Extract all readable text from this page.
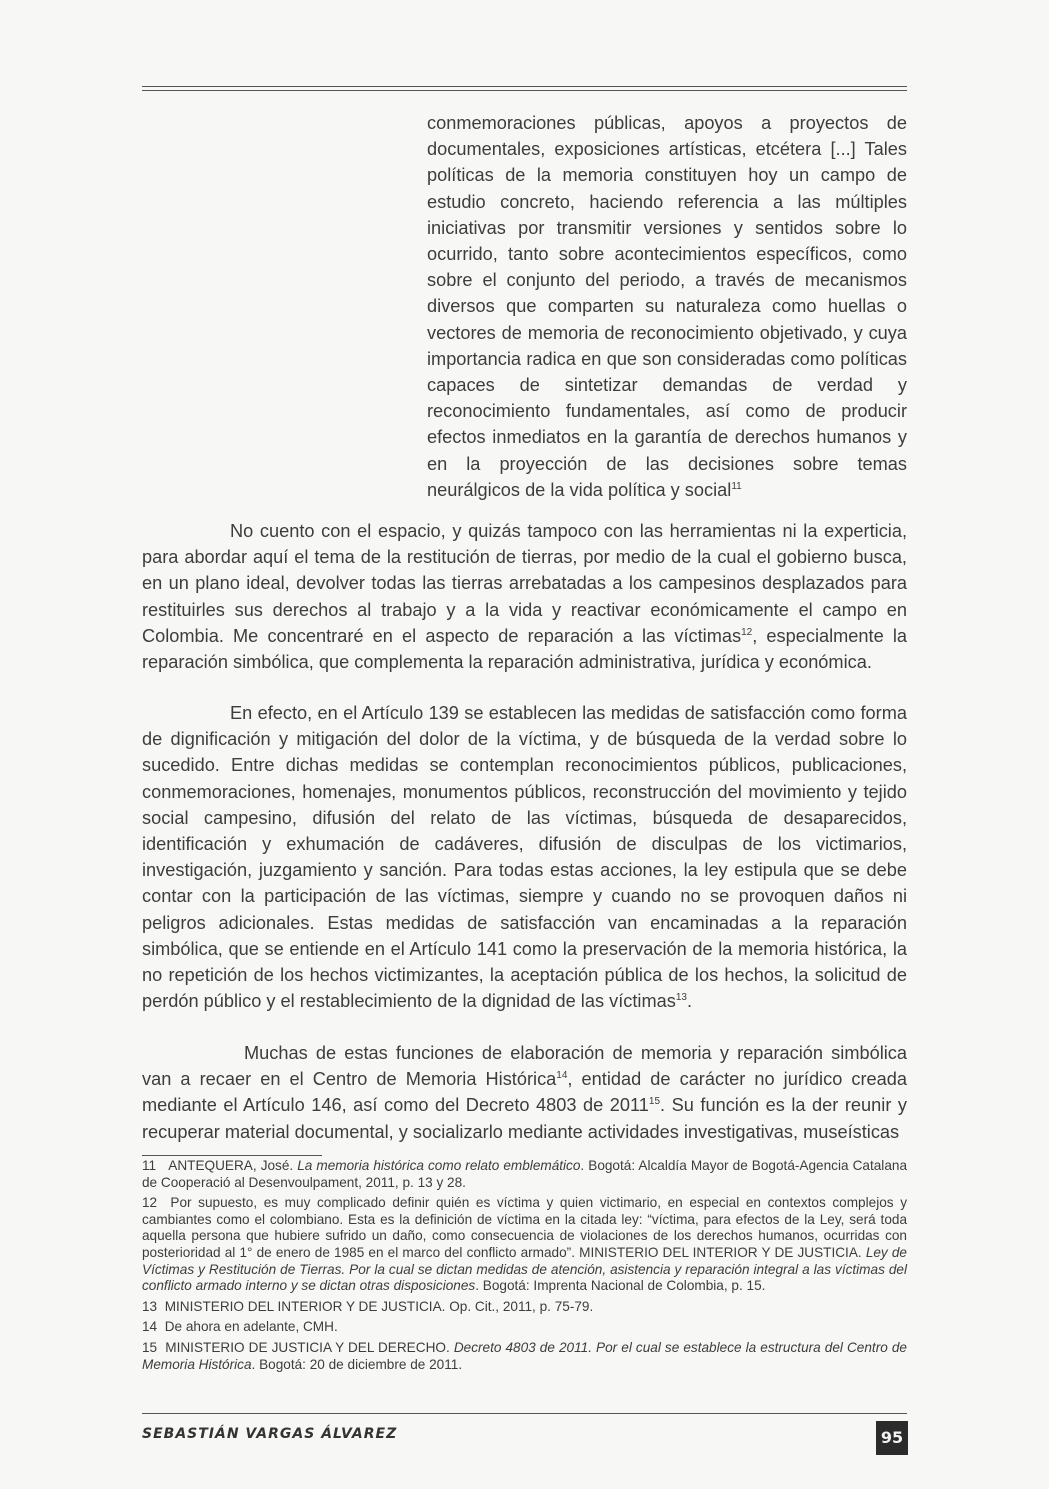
conmemoraciones públicas, apoyos a proyectos de documentales, exposiciones artísticas, etcétera [...] Tales políticas de la memoria constituyen hoy un campo de estudio concreto, haciendo referencia a las múltiples iniciativas por transmitir versiones y sentidos sobre lo ocurrido, tanto sobre acontecimientos específicos, como sobre el conjunto del periodo, a través de mecanismos diversos que comparten su naturaleza como huellas o vectores de memoria de reconocimiento objetivado, y cuya importancia radica en que son consideradas como políticas capaces de sintetizar demandas de verdad y reconocimiento fundamentales, así como de producir efectos inmediatos en la garantía de derechos humanos y en la proyección de las decisiones sobre temas neurálgicos de la vida política y social$^{11}$

No cuento con el espacio, y quizás tampoco con las herramientas ni la experticia, para abordar aquí el tema de la restitución de tierras, por medio de la cual el gobierno busca, en un plano ideal, devolver todas las tierras arrebatadas a los campesinos desplazados para restituirles sus derechos al trabajo y a la vida y reactivar económicamente el campo en Colombia. Me concentraré en el aspecto de reparación a las víctimas$^{12}$, especialmente la reparación simbólica, que complementa la reparación administrativa, jurídica y económica.

En efecto, en el Artículo 139 se establecen las medidas de satisfacción como forma de dignificación y mitigación del dolor de la víctima, y de búsqueda de la verdad sobre lo sucedido. Entre dichas medidas se contemplan reconocimientos públicos, publicaciones, conmemoraciones, homenajes, monumentos públicos, reconstrucción del movimiento y tejido social campesino, difusión del relato de las víctimas, búsqueda de desaparecidos, identificación y exhumación de cadáveres, difusión de disculpas de los victimarios, investigación, juzgamiento y sanción. Para todas estas acciones, la ley estipula que se debe contar con la participación de las víctimas, siempre y cuando no se provoquen daños ni peligros adicionales. Estas medidas de satisfacción van encaminadas a la reparación simbólica, que se entiende en el Artículo 141 como la preservación de la memoria histórica, la no repetición de los hechos victimizantes, la aceptación pública de los hechos, la solicitud de perdón público y el restablecimiento de la dignidad de las víctimas$^{13}$.

Muchas de estas funciones de elaboración de memoria y reparación simbólica van a recaer en el Centro de Memoria Histórica$^{14}$, entidad de carácter no jurídico creada mediante el Artículo 146, así como del Decreto 4803 de 2011$^{15}$. Su función es la der reunir y recuperar material documental, y socializarlo mediante actividades investigativas, museísticas

11 ANTEQUERA, José. La memoria histórica como relato emblemático. Bogotá: Alcaldía Mayor de Bogotá-Agencia Catalana de Cooperació al Desenvoulpament, 2011, p. 13 y 28.

12 Por supuesto, es muy complicado definir quién es víctima y quien victimario, en especial en contextos complejos y cambiantes como el colombiano. Esta es la definición de víctima en la citada ley: “víctima, para efectos de la Ley, será toda aquella persona que hubiere sufrido un daño, como consecuencia de violaciones de los derechos humanos, ocurridas con posterioridad al 1° de enero de 1985 en el marco del conflicto armado”. MINISTERIO DEL INTERIOR Y DE JUSTICIA. Ley de Víctimas y Restitución de Tierras. Por la cual se dictan medidas de atención, asistencia y reparación integral a las víctimas del conflicto armado interno y se dictan otras disposiciones. Bogotá: Imprenta Nacional de Colombia, p. 15.

13 MINISTERIO DEL INTERIOR Y DE JUSTICIA. Op. Cit., 2011, p. 75-79.

14 De ahora en adelante, CMH.

15 MINISTERIO DE JUSTICIA Y DEL DERECHO. Decreto 4803 de 2011. Por el cual se establece la estructura del Centro de Memoria Histórica. Bogotá: 20 de diciembre de 2011.

SEBASTIÁN VARGAS ÁLVAREZ	95
